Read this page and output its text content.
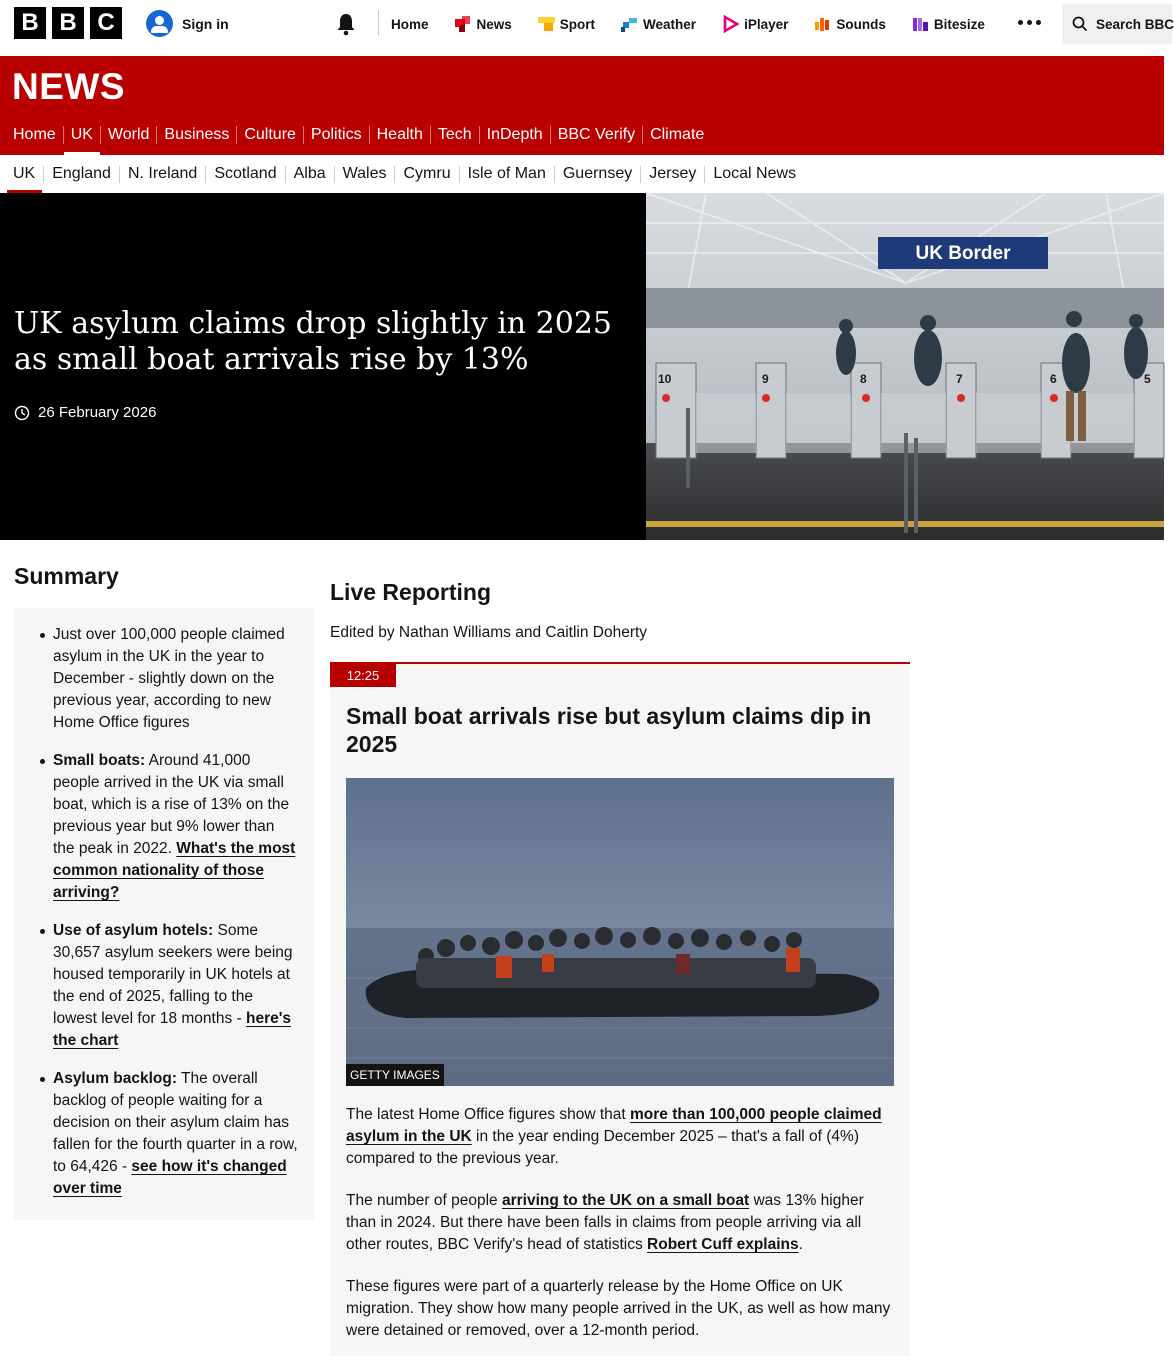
B B C	Sign in	Home	News	Sport	Weather	iPlayer	Sounds	Bitesize	Search BBC
NEWS
Home UK World Business Culture Politics Health Tech InDepth BBC Verify Climate
UK	England	N. Ireland	Scotland	Alba	Wales	Cymru	Isle of Man	Guernsey	Jersey	Local News
UK asylum claims drop slightly in 2025 as small boat arrivals rise by 13%
26 February 2026
UK Border
10	9	8	7	6	5
Summary
Just over 100,000 people claimed asylum in the UK in the year to December - slightly down on the previous year, according to new Home Office figures
Small boats: Around 41,000 people arrived in the UK via small boat, which is a rise of 13% on the previous year but 9% lower than the peak in 2022. What's the most common nationality of those arriving?
Use of asylum hotels: Some 30,657 asylum seekers were being housed temporarily in UK hotels at the end of 2025, falling to the lowest level for 18 months - here's the chart
Asylum backlog: The overall backlog of people waiting for a decision on their asylum claim has fallen for the fourth quarter in a row, to 64,426 - see how it's changed over time
Live Reporting
Edited by Nathan Williams and Caitlin Doherty
12:25
Small boat arrivals rise but asylum claims dip in 2025
GETTY IMAGES

The latest Home Office figures show that more than 100,000 people claimed asylum in the UK in the year ending December 2025 – that's a fall of (4%) compared to the previous year.

The number of people arriving to the UK on a small boat was 13% higher than in 2024. But there have been falls in claims from people arriving via all other routes, BBC Verify's head of statistics Robert Cuff explains.

These figures were part of a quarterly release by the Home Office on UK migration. They show how many people arrived in the UK, as well as how many were detained or removed, over a 12-month period.
